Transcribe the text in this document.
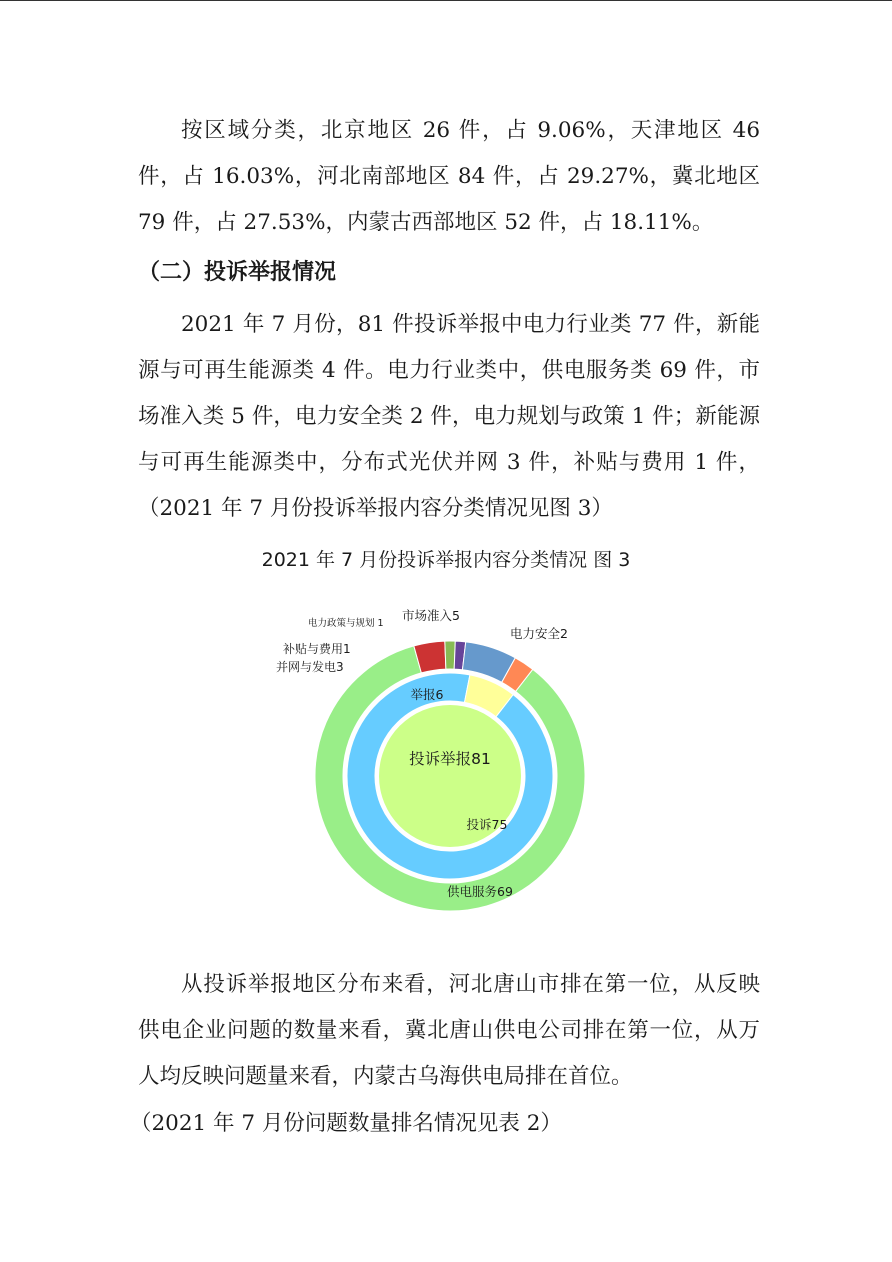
按区域分类，北京地区 26 件，占 9.06%，天津地区 46 件，占 16.03%，河北南部地区 84 件，占 29.27%，冀北地区 79 件，占 27.53%，内蒙古西部地区 52 件，占 18.11%。

（二）投诉举报情况

2021 年 7 月份，81 件投诉举报中电力行业类 77 件，新能源与可再生能源类 4 件。电力行业类中，供电服务类 69 件，市场准入类 5 件，电力安全类 2 件，电力规划与政策 1 件；新能源与可再生能源类中，分布式光伏并网 3 件，补贴与费用 1 件，（2021 年 7 月份投诉举报内容分类情况见图 3）

2021 年 7 月份投诉举报内容分类情况 图 3
投诉举报81
投诉75
举报6
供电服务69
并网与发电3
补贴与费用1
电力政策与规划 1
市场准入5
电力安全2

从投诉举报地区分布来看，河北唐山市排在第一位，从反映供电企业问题的数量来看，冀北唐山供电公司排在第一位，从万人均反映问题量来看，内蒙古乌海供电局排在首位。

（2021 年 7 月份问题数量排名情况见表 2）
